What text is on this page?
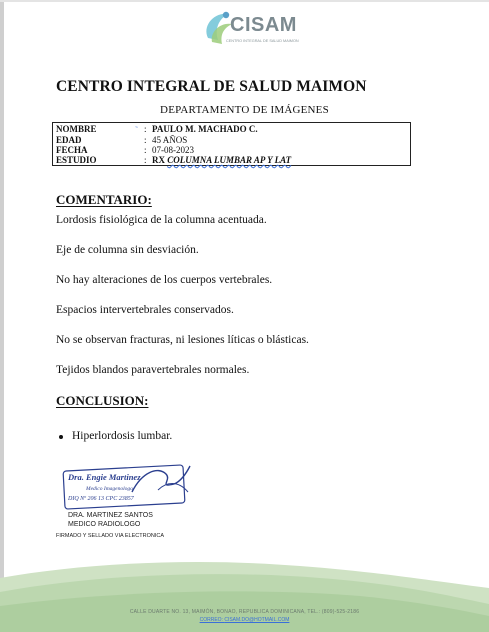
CISAM
CENTRO INTEGRAL DE SALUD MAIMON
CENTRO INTEGRAL DE SALUD MAIMON
DEPARTAMENTO DE IMÁGENES
~
NOMBRE	: PAULO M. MACHADO C.
EDAD	: 45 AÑOS
FECHA	: 07-08-2023
ESTUDIO	: RX COLUMNA LUMBAR AP Y LAT
COMENTARIO:
Lordosis fisiológica de la columna acentuada.
Eje de columna sin desviación.
No hay alteraciones de los cuerpos vertebrales.
Espacios intervertebrales conservados.
No se observan fracturas, ni lesiones líticas o blásticas.
Tejidos blandos paravertebrales normales.
CONCLUSION:
Hiperlordosis lumbar.
Dra. Engie Martinez
Medico Imagenologo
DIQ Nº 206 13 CPC 23857
DRA. MARTINEZ SANTOS
MEDICO RADIOLOGO
FIRMADO Y SELLADO VIA ELECTRONICA
CALLE DUARTE NO. 13, MAIMÓN, BONAO, REPUBLICA DOMINICANA, TEL.: (809)-525-2186
CORREO: CISAM.DO@HOTMAIL.COM
